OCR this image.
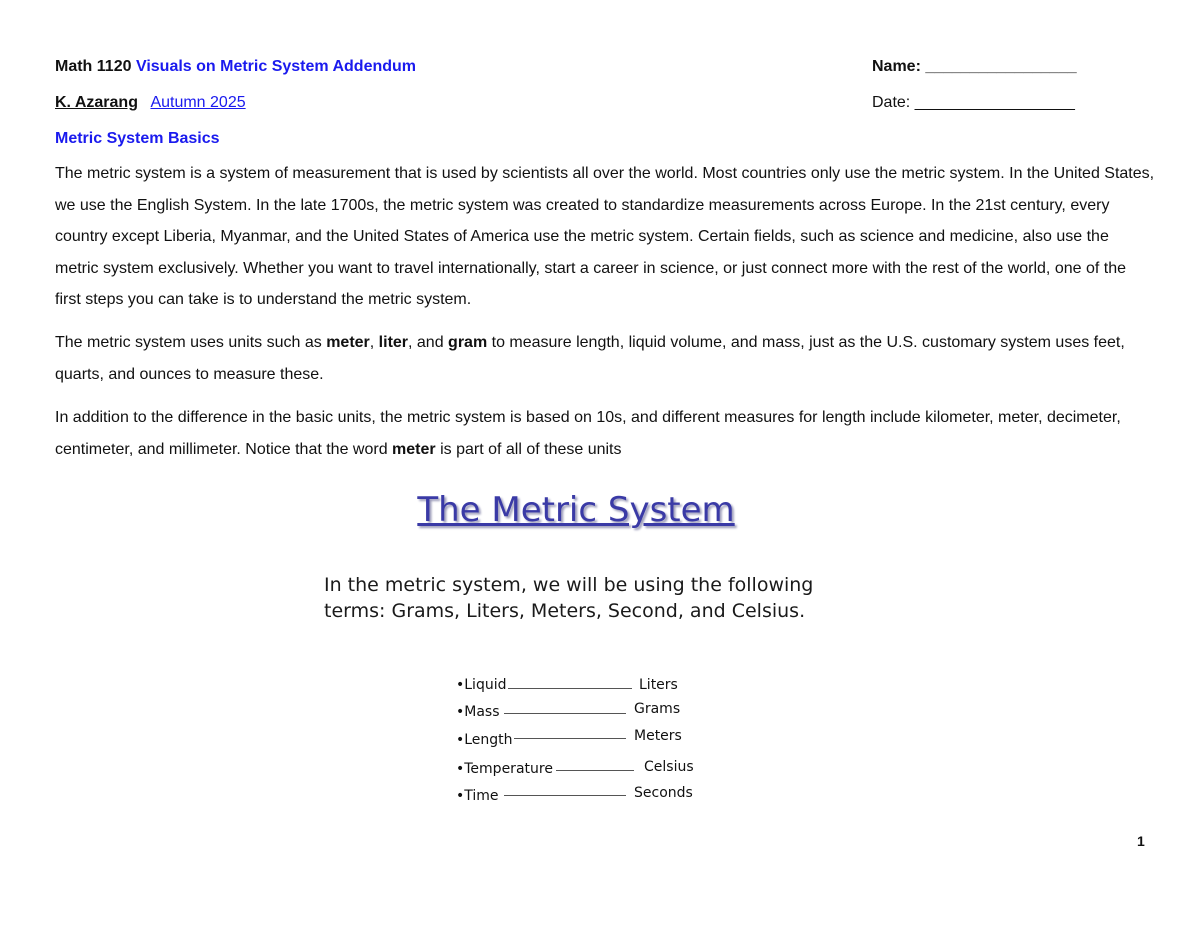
Math 1120 Visuals on Metric System Addendum
K. Azarang Autumn 2025
Name: _________________
Date: __________________
Metric System Basics

The metric system is a system of measurement that is used by scientists all over the world. Most countries only use the metric system. In the United States, we use the English System. In the late 1700s, the metric system was created to standardize measurements across Europe. In the 21st century, every country except Liberia, Myanmar, and the United States of America use the metric system. Certain fields, such as science and medicine, also use the metric system exclusively. Whether you want to travel internationally, start a career in science, or just connect more with the rest of the world, one of the first steps you can take is to understand the metric system.

The metric system uses units such as meter, liter, and gram to measure length, liquid volume, and mass, just as the U.S. customary system uses feet, quarts, and ounces to measure these.

In addition to the difference in the basic units, the metric system is based on 10s, and different measures for length include kilometer, meter, decimeter, centimeter, and millimeter. Notice that the word meter is part of all of these units

The Metric System

In the metric system, we will be using the following terms: Grams, Liters, Meters, Second, and Celsius.

•Liquid	Liters
•Mass	Grams
•Length	Meters
•Temperature	Celsius
•Time	Seconds
1
